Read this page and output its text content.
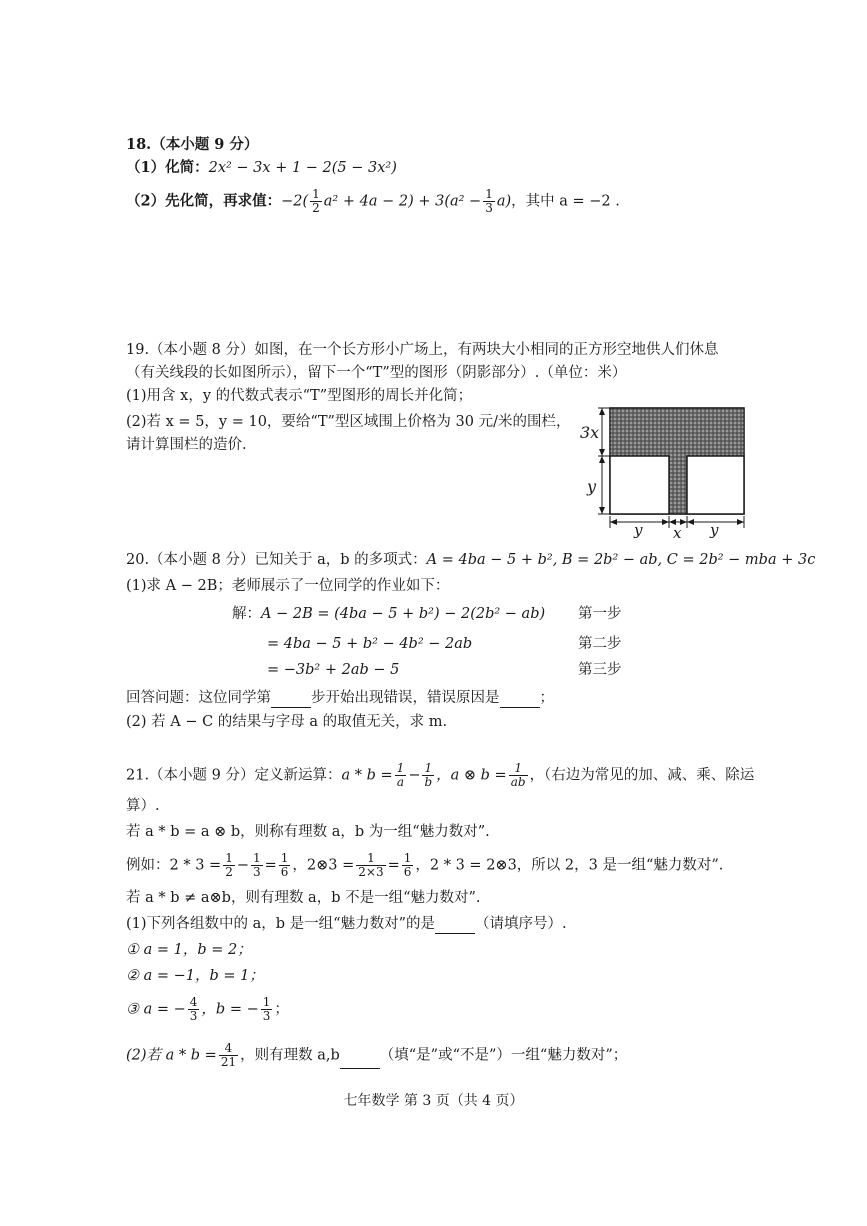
18.（本小题 9 分）
（1）化简：2x² − 3x + 1 − 2(5 − 3x²)
（2）先化简，再求值：$-2( \frac{1}{2} a^2 + 4a - 2) + 3(a^2 - \frac{1}{3} a)$，其中 a = −2 .
19.（本小题 8 分）如图，在一个长方形小广场上，有两块大小相同的正方形空地供人们休息
（有关线段的长如图所示），留下一个“T”型的图形（阴影部分）.（单位：米）
(1)用含 x，y 的代数式表示“T”型图形的周长并化简；
(2)若 x = 5，y = 10，要给“T”型区域围上价格为 30 元/米的围栏，
请计算围栏的造价.
3x
y
y x y
20.（本小题 8 分）已知关于 a，b 的多项式：A = 4ba − 5 + b², B = 2b² − ab, C = 2b² − mba + 3c
(1)求 A − 2B；老师展示了一位同学的作业如下：
解：A − 2B = (4ba − 5 + b²) − 2(2b² − ab)
= 4ba − 5 + b² − 4b² − 2ab
= −3b² + 2ab − 5
第一步
第二步
第三步
回答问题：这位同学第	步开始出现错误，错误原因是	；
(2) 若 A − C 的结果与字母 a 的取值无关，求 m.
21.（本小题 9 分）定义新运算：$a * b = \frac{1}{a} - \frac{1}{b}$ ，a ⊗ $b = \frac{1}{ab}$ ，（右边为常见的加、减、乘、除运
算）.
若 a * b = a ⊗ b，则称有理数 a，b 为一组“魅力数对”.
例如：$2 * 3 = \frac{1}{2} - \frac{1}{3} = \frac{1}{6}$ ，2⊗3 = $\frac{1}{2\times 3} = \frac{1}{6}$ ，2 * 3 = 2⊗3，所以 2，3 是一组“魅力数对”.
若 a * b ≠ a⊗b，则有理数 a，b 不是一组“魅力数对”.
(1)下列各组数中的 a，b 是一组“魅力数对”的是	（请填序号）.
① a = 1，b = 2；
② a = −1，b = 1；
③ a = − $\frac{4}{3}$ ，b = − $\frac{1}{3}$ ；
(2)若 $a * b = \frac{4}{21}$ ，则有理数 a,b	（填“是”或“不是”）一组“魅力数对”；
七年数学 第 3 页（共 4 页）
